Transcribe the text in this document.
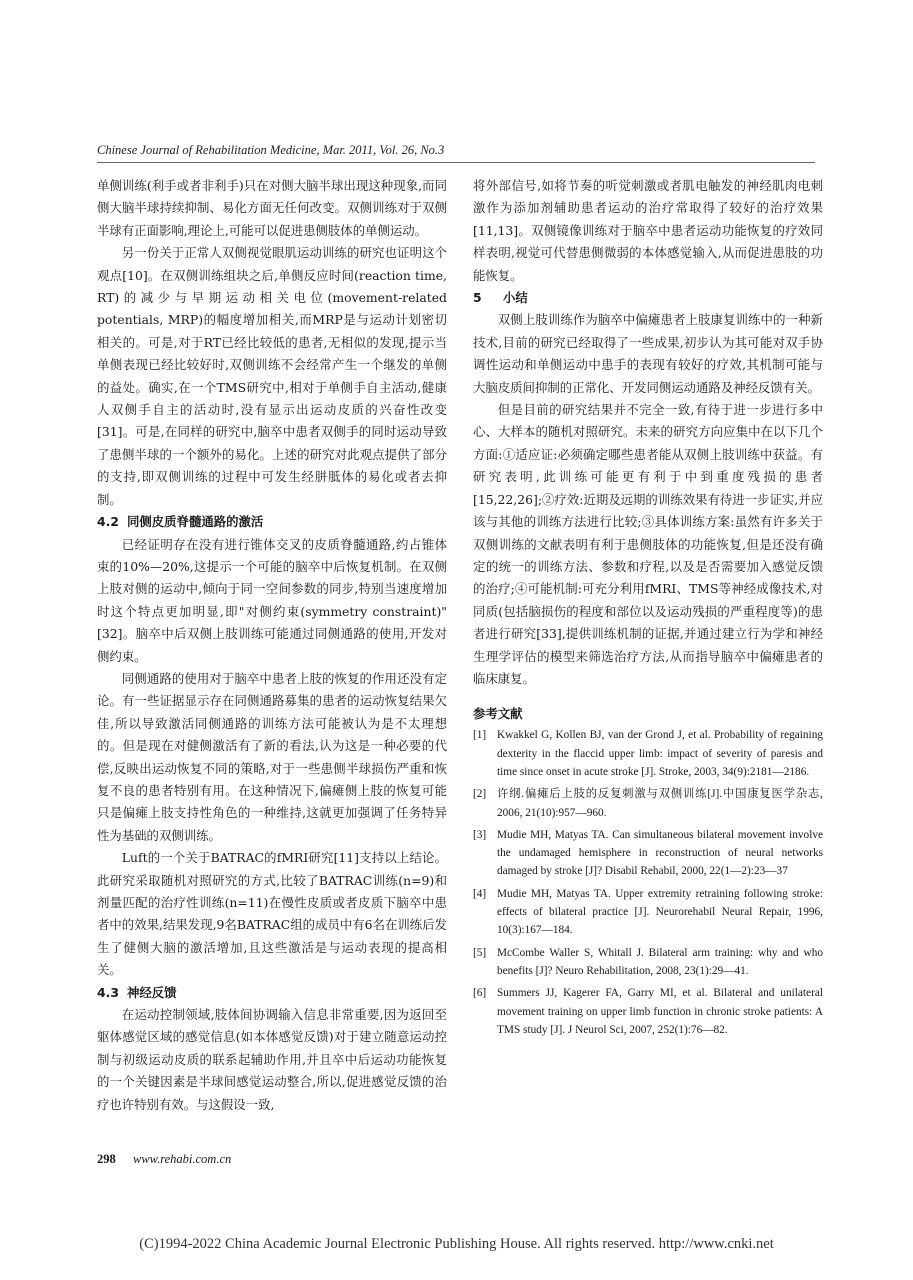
Chinese Journal of Rehabilitation Medicine, Mar. 2011, Vol. 26, No.3

单侧训练(利手或者非利手)只在对侧大脑半球出现这种现象,而同侧大脑半球持续抑制、易化方面无任何改变。双侧训练对于双侧半球有正面影响,理论上,可能可以促进患侧肢体的单侧运动。

另一份关于正常人双侧视觉眼肌运动训练的研究也证明这个观点[10]。在双侧训练组块之后,单侧反应时间(reaction time, RT)的减少与早期运动相关电位(movement-related potentials, MRP)的幅度增加相关,而MRP是与运动计划密切相关的。可是,对于RT已经比较低的患者,无相似的发现,提示当单侧表现已经比较好时,双侧训练不会经常产生一个继发的单侧的益处。确实,在一个TMS研究中,相对于单侧手自主活动,健康人双侧手自主的活动时,没有显示出运动皮质的兴奋性改变[31]。可是,在同样的研究中,脑卒中患者双侧手的同时运动导致了患侧半球的一个额外的易化。上述的研究对此观点提供了部分的支持,即双侧训练的过程中可发生经胼胝体的易化或者去抑制。

4.2 同侧皮质脊髓通路的激活

已经证明存在没有进行锥体交叉的皮质脊髓通路,约占锥体束的10%—20%,这提示一个可能的脑卒中后恢复机制。在双侧上肢对侧的运动中,倾向于同一空间参数的同步,特别当速度增加时这个特点更加明显,即"对侧约束(symmetry constraint)"[32]。脑卒中后双侧上肢训练可能通过同侧通路的使用,开发对侧约束。

同侧通路的使用对于脑卒中患者上肢的恢复的作用还没有定论。有一些证据显示存在同侧通路募集的患者的运动恢复结果欠佳,所以导致激活同侧通路的训练方法可能被认为是不太理想的。但是现在对健侧激活有了新的看法,认为这是一种必要的代偿,反映出运动恢复不同的策略,对于一些患侧半球损伤严重和恢复不良的患者特别有用。在这种情况下,偏瘫侧上肢的恢复可能只是偏瘫上肢支持性角色的一种维持,这就更加强调了任务特异性为基础的双侧训练。

Luft的一个关于BATRAC的fMRI研究[11]支持以上结论。此研究采取随机对照研究的方式,比较了BATRAC训练(n=9)和剂量匹配的治疗性训练(n=11)在慢性皮质或者皮质下脑卒中患者中的效果,结果发现,9名BATRAC组的成员中有6名在训练后发生了健侧大脑的激活增加,且这些激活是与运动表现的提高相关。

4.3 神经反馈

在运动控制领域,肢体间协调输入信息非常重要,因为返回至躯体感觉区域的感觉信息(如本体感觉反馈)对于建立随意运动控制与初级运动皮质的联系起辅助作用,并且卒中后运动功能恢复的一个关键因素是半球间感觉运动整合,所以,促进感觉反馈的治疗也许特别有效。与这假设一致,

将外部信号,如将节奏的听觉刺激或者肌电触发的神经肌肉电刺激作为添加剂辅助患者运动的治疗常取得了较好的治疗效果[11,13]。双侧镜像训练对于脑卒中患者运动功能恢复的疗效同样表明,视觉可代替患侧微弱的本体感觉输入,从而促进患肢的功能恢复。

5 小结

双侧上肢训练作为脑卒中偏瘫患者上肢康复训练中的一种新技术,目前的研究已经取得了一些成果,初步认为其可能对双手协调性运动和单侧运动中患手的表现有较好的疗效,其机制可能与大脑皮质间抑制的正常化、开发同侧运动通路及神经反馈有关。

但是目前的研究结果并不完全一致,有待于进一步进行多中心、大样本的随机对照研究。未来的研究方向应集中在以下几个方面:①适应证:必须确定哪些患者能从双侧上肢训练中获益。有研究表明,此训练可能更有利于中到重度残损的患者[15,22,26];②疗效:近期及远期的训练效果有待进一步证实,并应该与其他的训练方法进行比较;③具体训练方案:虽然有许多关于双侧训练的文献表明有利于患侧肢体的功能恢复,但是还没有确定的统一的训练方法、参数和疗程,以及是否需要加入感觉反馈的治疗;④可能机制:可充分利用fMRI、TMS等神经成像技术,对同质(包括脑损伤的程度和部位以及运动残损的严重程度等)的患者进行研究[33],提供训练机制的证据,并通过建立行为学和神经生理学评估的模型来筛选治疗方法,从而指导脑卒中偏瘫患者的临床康复。

参考文献
[1] Kwakkel G, Kollen BJ, van der Grond J, et al. Probability of regaining dexterity in the flaccid upper limb: impact of severity of paresis and time since onset in acute stroke [J]. Stroke, 2003, 34(9):2181—2186.
[2] 许纲.偏瘫后上肢的反复刺激与双侧训练[J].中国康复医学杂志, 2006, 21(10):957—960.
[3] Mudie MH, Matyas TA. Can simultaneous bilateral movement involve the undamaged hemisphere in reconstruction of neural networks damaged by stroke [J]? Disabil Rehabil, 2000, 22(1—2):23—37
[4] Mudie MH, Matyas TA. Upper extremity retraining following stroke: effects of bilateral practice [J]. Neurorehabil Neural Repair, 1996, 10(3):167—184.
[5] McCombe Waller S, Whitall J. Bilateral arm training: why and who benefits [J]? Neuro Rehabilitation, 2008, 23(1):29—41.
[6] Summers JJ, Kagerer FA, Garry MI, et al. Bilateral and unilateral movement training on upper limb function in chronic stroke patients: A TMS study [J]. J Neurol Sci, 2007, 252(1):76—82.
298 www.rehabi.com.cn
(C)1994-2022 China Academic Journal Electronic Publishing House. All rights reserved. http://www.cnki.net
